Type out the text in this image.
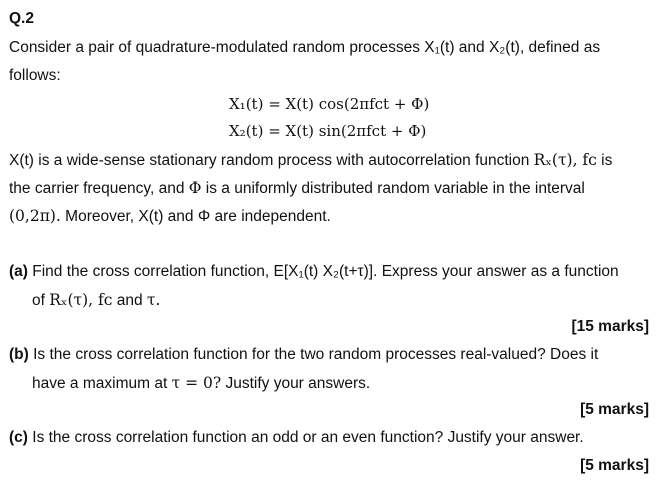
Q.2
Consider a pair of quadrature-modulated random processes X₁(t) and X₂(t), defined as
follows:
X₁(t) = X(t) cos(2πfᴄt + Φ)
X₂(t) = X(t) sin(2πfᴄt + Φ)
X(t) is a wide-sense stationary random process with autocorrelation function Rₓ(τ), fᴄ is
the carrier frequency, and Φ is a uniformly distributed random variable in the interval
(0,2π). Moreover, X(t) and Φ are independent.
(a) Find the cross correlation function, E[X₁(t) X₂(t+τ)]. Express your answer as a function
of Rₓ(τ), fᴄ and τ.
[15 marks]
(b) Is the cross correlation function for the two random processes real-valued? Does it
have a maximum at τ = 0? Justify your answers.
[5 marks]
(c) Is the cross correlation function an odd or an even function? Justify your answer.
[5 marks]
